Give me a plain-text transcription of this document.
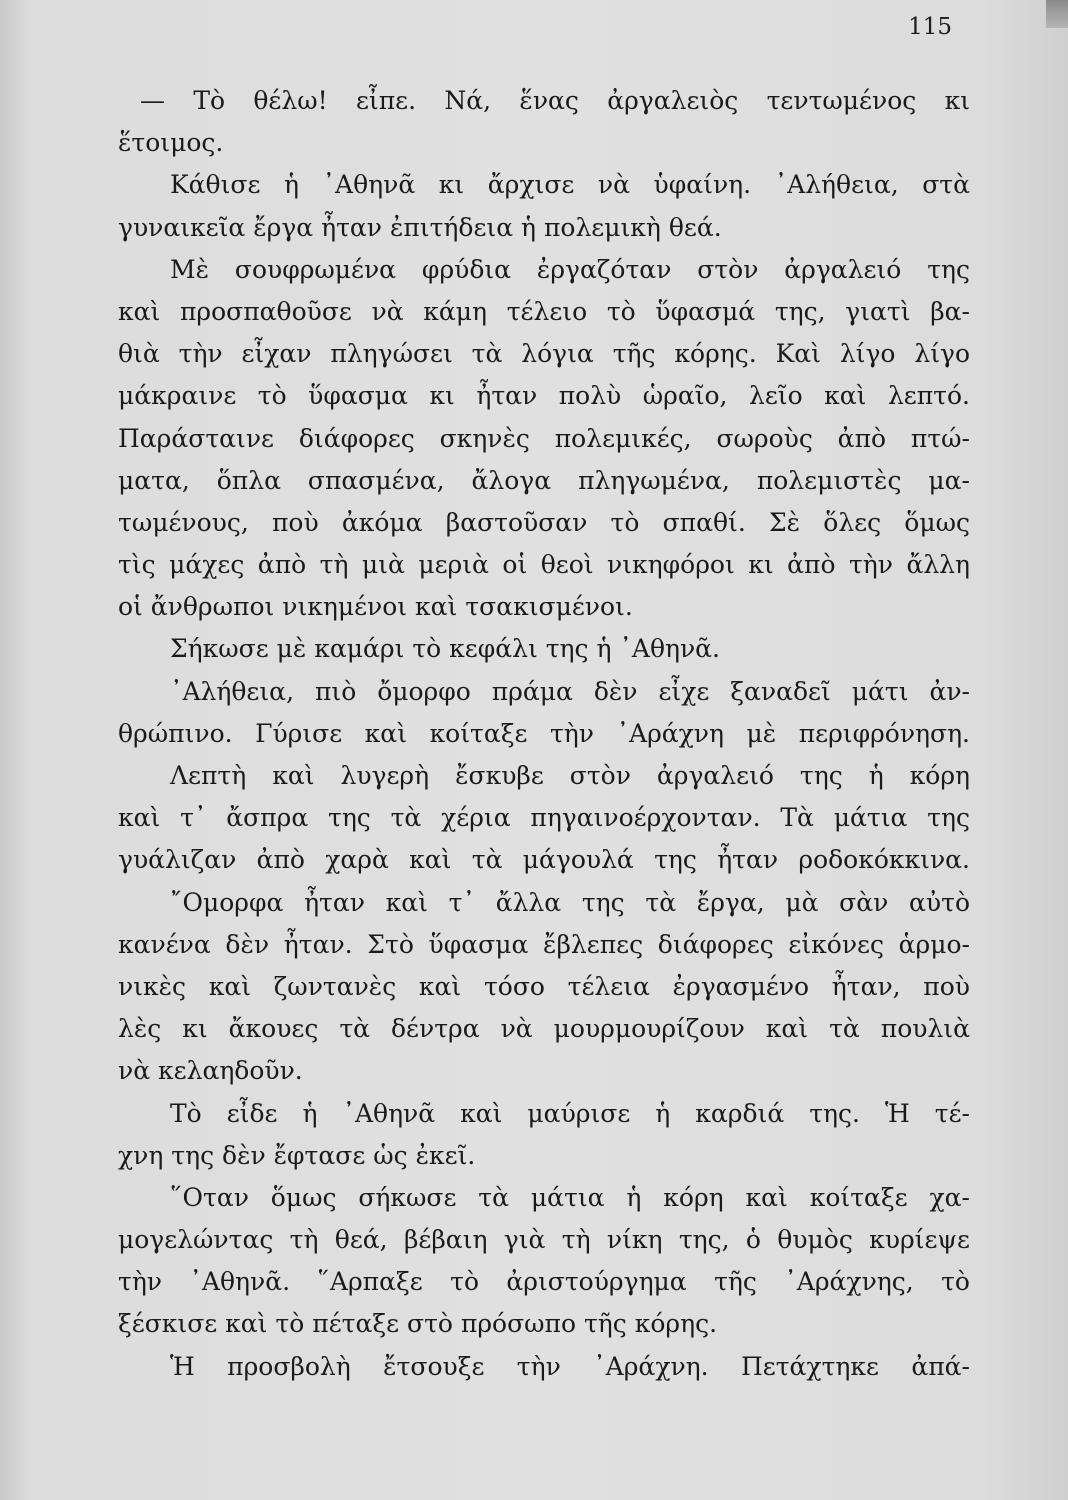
115
— Τὸ θέλω! εἶπε. Νά, ἕνας ἀργαλειὸς τεντωμένος κι
ἕτοιμος.
Κάθισε ἡ ᾿Αθηνᾶ κι ἄρχισε νὰ ὑφαίνη. ᾿Αλήθεια, στὰ
γυναικεῖα ἔργα ἦταν ἐπιτήδεια ἡ πολεμικὴ θεά.
Μὲ σουφρωμένα φρύδια ἐργαζόταν στὸν ἀργαλειό της
καὶ προσπαθοῦσε νὰ κάμη τέλειο τὸ ὕφασμά της, γιατὶ βα-
θιὰ τὴν εἶχαν πληγώσει τὰ λόγια τῆς κόρης. Καὶ λίγο λίγο
μάκραινε τὸ ὕφασμα κι ἦταν πολὺ ὡραῖο, λεῖο καὶ λεπτό.
Παράσταινε διάφορες σκηνὲς πολεμικές, σωροὺς ἀπὸ πτώ-
ματα, ὅπλα σπασμένα, ἄλογα πληγωμένα, πολεμιστὲς μα-
τωμένους, ποὺ ἀκόμα βαστοῦσαν τὸ σπαθί. Σὲ ὅλες ὅμως
τὶς μάχες ἀπὸ τὴ μιὰ μεριὰ οἱ θεοὶ νικηφόροι κι ἀπὸ τὴν ἄλλη
οἱ ἄνθρωποι νικημένοι καὶ τσακισμένοι.
Σήκωσε μὲ καμάρι τὸ κεφάλι της ἡ ᾿Αθηνᾶ.
᾿Αλήθεια, πιὸ ὄμορφο πράμα δὲν εἶχε ξαναδεῖ μάτι ἀν-
θρώπινο. Γύρισε καὶ κοίταξε τὴν ᾿Αράχνη μὲ περιφρόνηση.
Λεπτὴ καὶ λυγερὴ ἔσκυβε στὸν ἀργαλειό της ἡ κόρη
καὶ τ᾿ ἄσπρα της τὰ χέρια πηγαινοέρχονταν. Τὰ μάτια της
γυάλιζαν ἀπὸ χαρὰ καὶ τὰ μάγουλά της ἦταν ροδοκόκκινα.
῎Ομορφα ἦταν καὶ τ᾿ ἄλλα της τὰ ἔργα, μὰ σὰν αὐτὸ
κανένα δὲν ἦταν. Στὸ ὕφασμα ἔβλεπες διάφορες εἰκόνες ἁρμο-
νικὲς καὶ ζωντανὲς καὶ τόσο τέλεια ἐργασμένο ἦταν, ποὺ
λὲς κι ἄκουες τὰ δέντρα νὰ μουρμουρίζουν καὶ τὰ πουλιὰ
νὰ κελαηδοῦν.
Τὸ εἶδε ἡ ᾿Αθηνᾶ καὶ μαύρισε ἡ καρδιά της. Ἡ τέ-
χνη της δὲν ἔφτασε ὡς ἐκεῖ.
῞Οταν ὅμως σήκωσε τὰ μάτια ἡ κόρη καὶ κοίταξε χα-
μογελώντας τὴ θεά, βέβαιη γιὰ τὴ νίκη της, ὁ θυμὸς κυρίεψε
τὴν ᾿Αθηνᾶ. ῞Αρπαξε τὸ ἀριστούργημα τῆς ᾿Αράχνης, τὸ
ξέσκισε καὶ τὸ πέταξε στὸ πρόσωπο τῆς κόρης.
Ἡ προσβολὴ ἔτσουξε τὴν ᾿Αράχνη. Πετάχτηκε ἀπά-
